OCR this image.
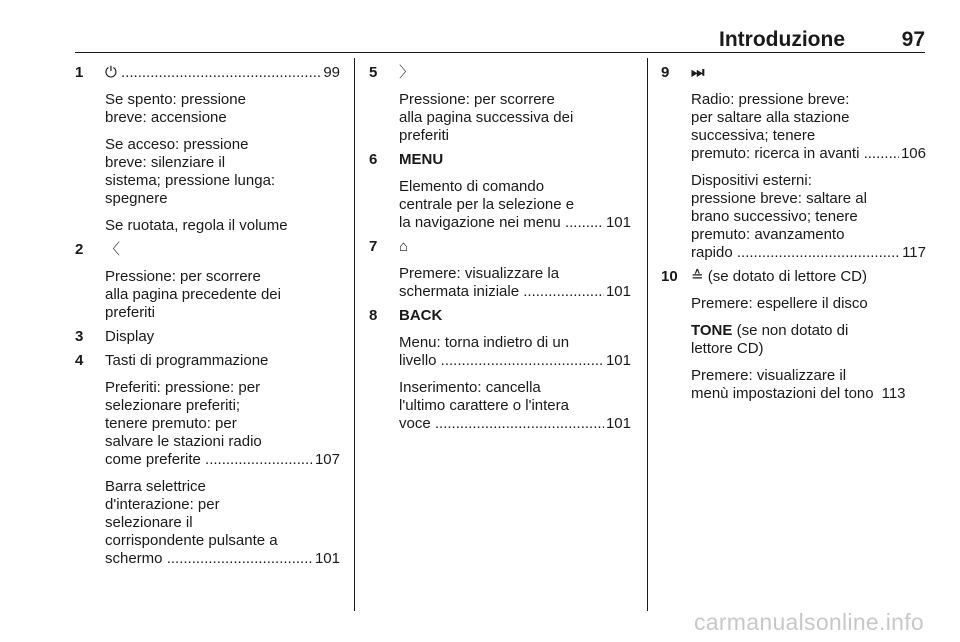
Introduzione	97
1 ⏻ .....	99
Se spento: pressione
breve: accensione
Se acceso: pressione
breve: silenziare il
sistema; pressione lunga:
spegnere
Se ruotata, regola il volume
2 〈
Pressione: per scorrere
alla pagina precedente dei
preferiti
3 Display
4 Tasti di programmazione
Preferiti: pressione: per
selezionare preferiti;
tenere premuto: per
salvare le stazioni radio
come preferite .....	107
Barra selettrice
d'interazione: per
selezionare il
corrispondente pulsante a
schermo .....	101
5 〉
Pressione: per scorrere
alla pagina successiva dei
preferiti
6 MENU
Elemento di comando
centrale per la selezione e
la navigazione nei menu .....	101
7 ⌂
Premere: visualizzare la
schermata iniziale .....	101
8 BACK
Menu: torna indietro di un
livello .....	101
Inserimento: cancella
l'ultimo carattere o l'intera
voce .....	101
9 ⏭
Radio: pressione breve:
per saltare alla stazione
successiva; tenere
premuto: ricerca in avanti .....	106
Dispositivi esterni:
pressione breve: saltare al
brano successivo; tenere
premuto: avanzamento
rapido .....	117
10 ≙ (se dotato di lettore CD)
Premere: espellere il disco
TONE (se non dotato di
lettore CD)
Premere: visualizzare il
menù impostazioni del tono 113
carmanualsonline.info
